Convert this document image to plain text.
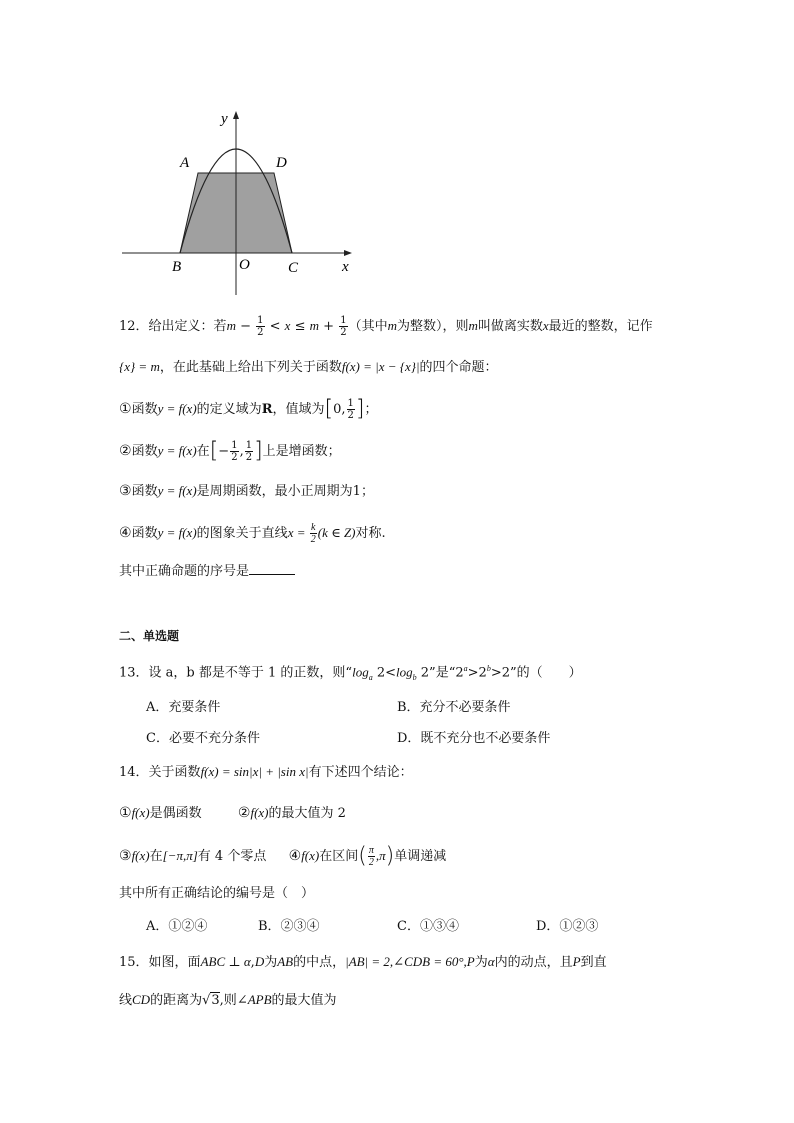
y
x
A	D
B	O	C
12．给出定义：若$m - \frac{1}{2} < x \le m + \frac{1}{2}$ （其中m为整数），则m叫做离实数x最近的整数，记作
{x} = m，在此基础上给出下列关于函数f(x) = |x − {x}|的四个命题：
①函数y = f(x)的定义域为R，值域为[0, $\frac{1}{2}$ ]；
②函数y = f(x)在[− $\frac{1}{2}$ , $\frac{1}{2}$ ]上是增函数；
③函数y = f(x)是周期函数，最小正周期为1；
④函数y = f(x)的图象关于直线$x = \frac{k}{2} (k$ ∈ Z)对称.
其中正确命题的序号是
二、单选题
13．设 a，b 都是不等于 1 的正数，则“$\log_a$ $2<\log_b$ 2”是“$2^a>2^b>2$”的（　　）
A．充要条件	B．充分不必要条件
C．必要不充分条件	D．既不充分也不必要条件
14．关于函数f(x) = sin|x| + |sin x|有下述四个结论：
①f(x)是偶函数	②f(x)的最大值为 2
③f(x)在[−π,π]有 4 个零点 ④f(x)在区间( $\frac{\pi}{2} ,\pi$)单调递减
其中所有正确结论的编号是（　）
A．①②④	B．②③④	C．①③④	D．①②③
15．如图，面ABC ⊥ α,D为AB的中点，|AB| = 2,∠CDB = 60°,P为α内的动点，且P到直
线CD的距离为√3,则∠APB的最大值为
